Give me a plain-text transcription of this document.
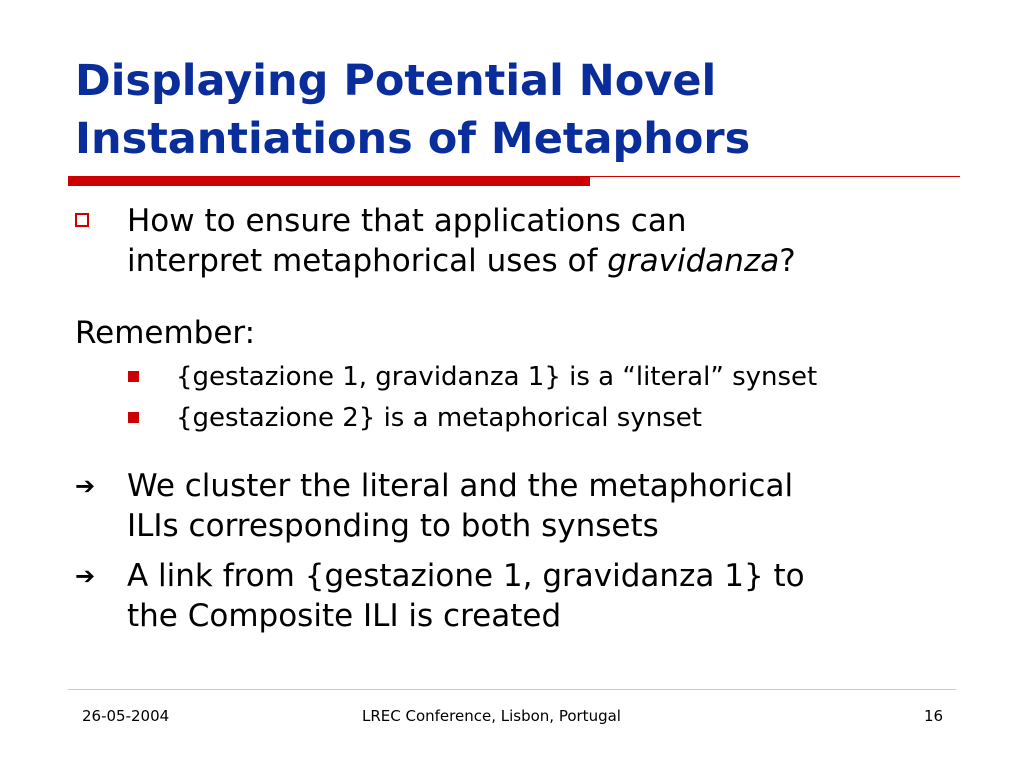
Displaying Potential Novel
Instantiations of Metaphors
How to ensure that applications can
interpret metaphorical uses of gravidanza?
Remember:
{gestazione 1, gravidanza 1} is a “literal” synset
{gestazione 2} is a metaphorical synset
➔ We cluster the literal and the metaphorical
ILIs corresponding to both synsets
➔ A link from {gestazione 1, gravidanza 1} to
the Composite ILI is created
26-05-2004	LREC Conference, Lisbon, Portugal	16
